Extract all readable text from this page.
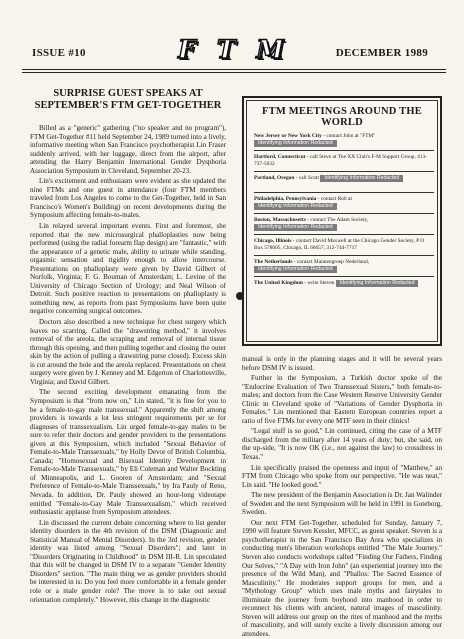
ISSUE #10	F T M	DECEMBER 1989
SURPRISE GUEST SPEAKS AT SEPTEMBER'S FTM GET-TOGETHER

Billed as a "generic" gathering ("no speaker and no program"), FTM Get-Together #11 held September 24, 1989 turned into a lively, informative meeting when San Francisco psychotherapist Lin Fraser suddenly arrived, with her luggage, direct from the airport, after attending the Harry Benjamin International Gender Dysphoria Association Symposium in Cleveland, September 20-23.

Lin's excitement and enthusiasm were evident as she updated the nine FTMs and one guest in attendance (four FTM members traveled from Los Angeles to come to the Get-Together, held in San Francisco's Women's Building) on recent developments during the Symposium affecting female-to-males.

Lin relayed several important events. First and foremost, she reported that the new microsurgical phalloplasties now being performed (using the radial forearm flap design) are "fantastic," with the appearance of a genetic male, ability to urinate while standing, orgasmic sensation and rigidity enough to allow intercourse. Presentations on phalloplasty were given by David Gilbert of Norfolk, Virginia; F. G. Bouman of Amsterdam; L. Levine of the University of Chicago Section of Urology; and Neal Wilson of Detroit. Such positive reaction to presentations on phalloplasty is something new, as reports from past Symposiums have been quite negative concerning surgical outcomes.

Doctors also described a new technique for chest surgery which leaves no scarring. Called the "drawstring method," it involves removal of the areola, the scraping and removal of internal tissue through this opening, and then pulling together and closing the outer skin by the action of pulling a drawstring purse closed). Excess skin is cut around the hole and the areola replaced. Presentations on chest surgery were given by J. Kenney and M. Edgerton of Charlottesville, Virginia; and David Gilbert.

The second exciting development emanating from the Symposium is that "from now on," Lin stated, "it is fine for you to be a female-to-gay male transsexual." Apparently the shift among providers is towards a lot less stringent requirements per se for diagnoses of transsexualism. Lin urged female-to-gay males to be sure to refer their doctors and gender providers to the presentations given at this Symposium, which included "Sexual Behavior of Female-to-Male Transsexuals," by Holly Devor of British Columbia, Canada; "Homosexual and Bisexual Identity Development in Female-to-Male Transsexuals," by Eli Coleman and Walter Bockting of Minneapolis, and L. Gooren of Amsterdam; and "Sexual Preference of Female-to-Male Transsexuals," by Ira Pauly of Reno, Nevada. In addition, Dr. Pauly showed an hour-long videotape entitled "Female-to-Gay Male Transsexualism," which received enthusiastic applause from Symposium attendees.

Lin discussed the current debate concerning where to list gender identity disorders in the 4th revision of the DSM (Diagnostic and Statistical Manual of Mental Disorders). In the 3rd revision, gender identity was listed among "Sexual Disorders"; and later in "Disorders Originating in Childhood" in DSM III-R. Lin speculated that this will be changed in DSM IV to a separate "Gender Identity Disorders" section. "The main thing we as gender providers should be interested in is: Do you feel more comfortable in a female gender role or a male gender role? The move is to take out sexual orientation completely." However, this change in the diagnostic

FTM MEETINGS AROUND THE WORLD
New Jersey or New York City - contact John at "FTM" Identifying Information Redacted
Hartford, Connecticut - call Steve at The XX Club's F-M Support Group, 413-737-5032
Portland, Oregon - call Scott Identifying Information Redacted
Philadelphia, Pennsylvania - contact Rob at Identifying Information Redacted
Boston, Massachusetts - contact The Adam Society, Identifying Information Redacted
Chicago, Illinois - contact David Maxwell at the Chicago Gender Society, P O Box 578005, Chicago, IL 60657; 312-744-7717
The Netherlands - contact Mannengroep Nederland, Identifying Information Redacted
The United Kingdom - write Steven Identifying Information Redacted

manual is only in the planning stages and it will be several years before DSM IV is issued.

Further in the Symposium, a Turkish doctor spoke of the "Endocrine Evaluation of Two Transsexual Sisters," both female-to-males; and doctors from the Case Western Reserve University Gender Clinic in Cleveland spoke of "Variations of Gender Dysphoria in Females." Lin mentioned that Eastern European countries report a ratio of five FTMs for every one MTF seen in their clinics!

"Legal stuff is so good," Lin continued, citing the case of a MTF discharged from the military after 14 years of duty; but, she said, on the up-side, "It is now OK (i.e., not against the law) to crossdress in Texas."

Lin specifically praised the openness and input of "Matthew," an FTM from Chicago who spoke from our perspective. "He was neat," Lin said. "He looked good."

The new president of the Benjamin Association is Dr. Jan Walinder of Sweden and the next Symposium will be held in 1991 in Goteborg, Sweden.

Our next FTM Get-Together, scheduled for Sunday, January 7, 1990 will feature Steven Kessler, MFCC, as guest speaker. Steven is a psychotherapist in the San Francisco Bay Area who specializes in conducting men's liberation workshops entitled "The Male Journey." Steven also conducts workshops called "Finding Our Fathers, Finding Our Selves," "A Day with Iron John" (an experiential journey into the presence of the Wild Man), and "Phallos: The Sacred Essence of Masculinity." He moderates support groups for men, and a "Mythology Group" which uses male myths and fairytales to illuminate the journey from boyhood into manhood in order to reconnect his clients with ancient, natural images of masculinity. Steven will address our group on the rites of manhood and the myths of masculinity, and will surely excite a lively discussion among our attendees.
